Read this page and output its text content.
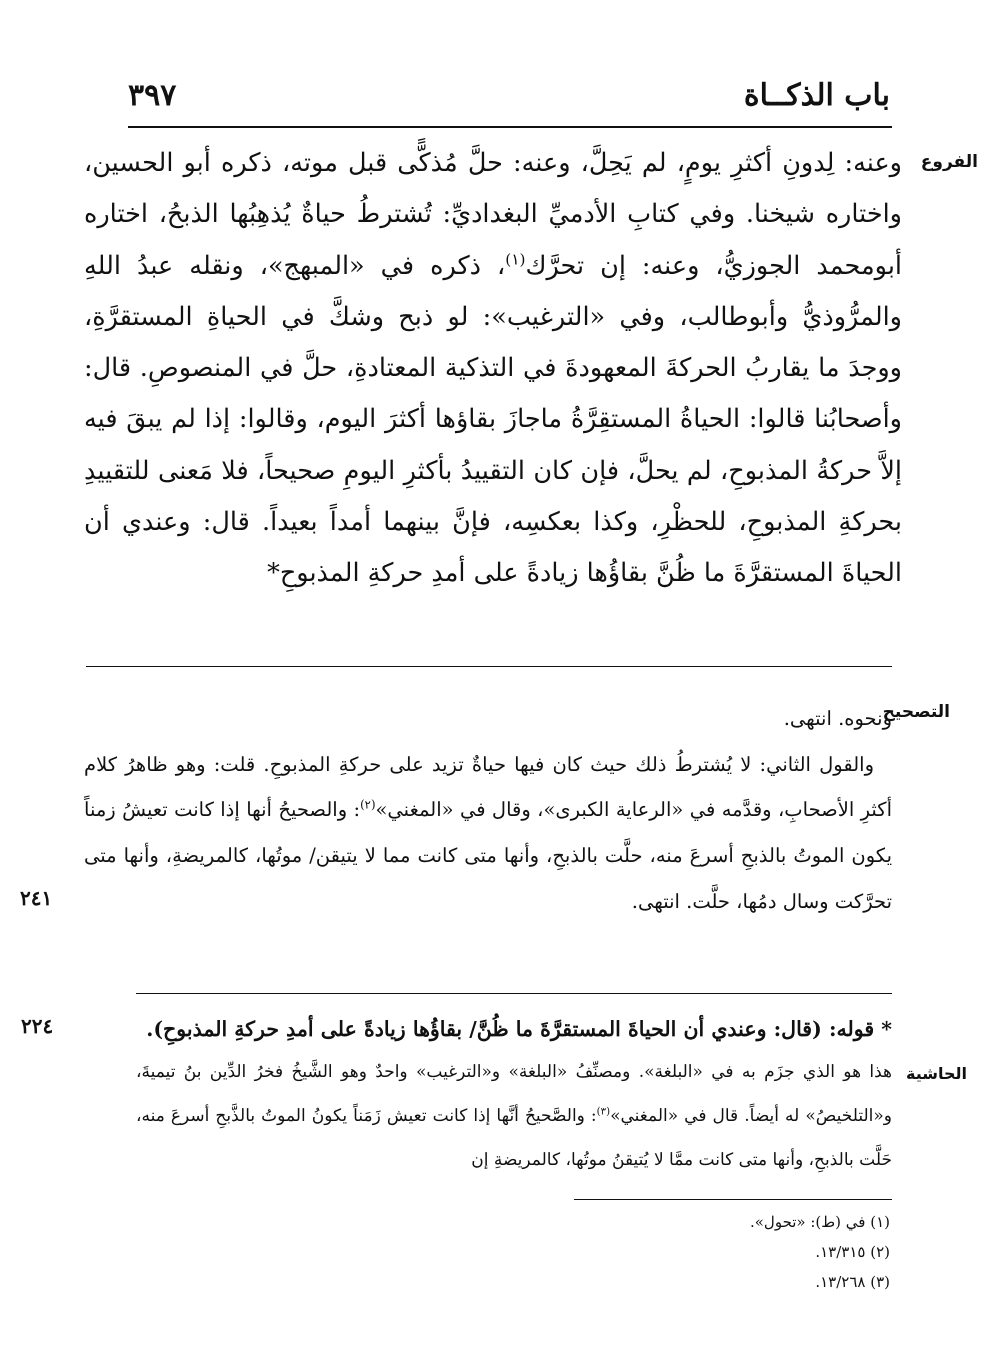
٣٩٧	باب الذكــاة
الفروع

وعنه: لِدونِ أكثرِ يومٍ، لم يَحِلَّ، وعنه: حلَّ مُذكًّى قبل موته، ذكره أبو الحسين، واختاره شيخنا. وفي كتابِ الأدميِّ البغداديِّ: تُشترطُ حياةٌ يُذهِبُها الذبحُ، اختاره أبومحمد الجوزيُّ، وعنه: إن تحرَّك$^{(١)}$، ذكره في «المبهج»، ونقله عبدُ اللهِ والمرُّوذيُّ وأبوطالب، وفي «الترغيب»: لو ذبح وشكَّ في الحياةِ المستقرَّةِ، ووجدَ ما يقاربُ الحركةَ المعهودةَ في التذكية المعتادةِ، حلَّ في المنصوصِ. قال: وأصحابُنا قالوا: الحياةُ المستقِرَّةُ ماجازَ بقاؤها أكثرَ اليوم، وقالوا: إذا لم يبقَ فيه إلاَّ حركةُ المذبوحِ، لم يحلَّ، فإن كان التقييدُ بأكثرِ اليومِ صحيحاً، فلا مَعنى للتقييدِ بحركةِ المذبوحِ، للحظْرِ، وكذا بعكسِه، فإنَّ بينهما أمداً بعيداً. قال: وعندي أن الحياةَ المستقرَّةَ ما ظُنَّ بقاؤُها زيادةً على أمدِ حركةِ المذبوحِ*

التصحيح
٢٤١

ونحوه. انتهى.

والقول الثاني: لا يُشترطُ ذلك حيث كان فيها حياةٌ تزيد على حركةِ المذبوحِ. قلت: وهو ظاهرُ كلام أكثرِ الأصحابِ، وقدَّمه في «الرعاية الكبرى»، وقال في «المغني»$^{(٢)}$: والصحيحُ أنها إذا كانت تعيشُ زمناً يكون الموتُ بالذبحِ أسرعَ منه، حلَّت بالذبحِ، وأنها متى كانت مما لا يتيقن/ موتُها، كالمريضةِ، وأنها متى تحرَّكت وسال دمُها، حلَّت. انتهى.

٢٢٤
الحاشية

* قوله: (قال: وعندي أن الحياةَ المستقرَّةَ ما ظُنَّ/ بقاؤُها زيادةً على أمدِ حركةِ المذبوحِ).

هذا هو الذي جزَم به في «البلغة». ومصنِّفُ «البلغة» و«الترغيب» واحدٌ وهو الشَّيخُ فخرُ الدِّين بنُ تيميةَ، و«التلخيصُ» له أيضاً. قال في «المغني»$^{(٣)}$: والصَّحيحُ أنَّها إذا كانت تعيش زَمَناً يكونُ الموتُ بالذَّبحِ أسرعَ منه، حَلَّت بالذبحِ، وأنها متى كانت ممَّا لا يُتيقنُ موتُها، كالمريضةِ إن

(١) في (ط): «تحول».
(٢) ١٣/٣١٥.
(٣) ١٣/٢٦٨.
